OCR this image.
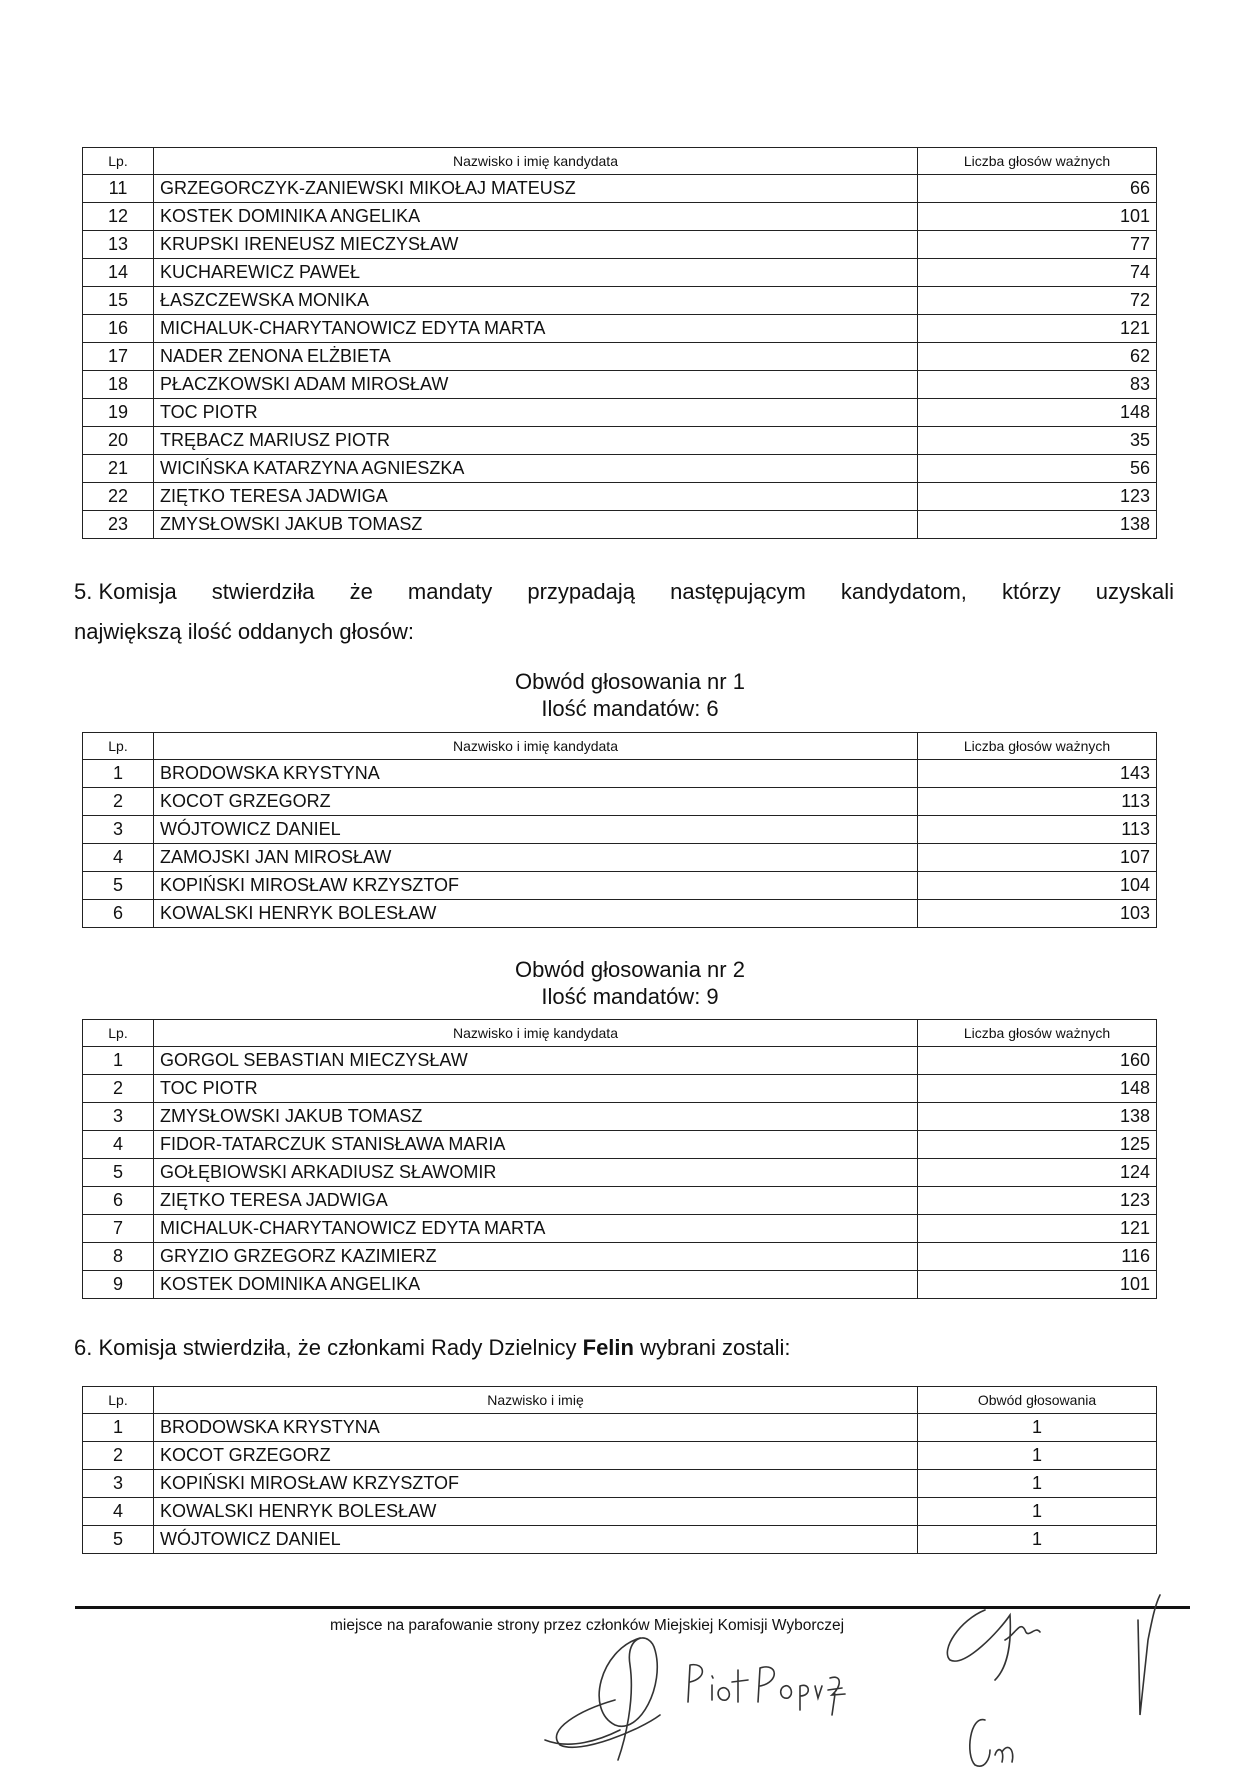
Lp.	Nazwisko i imię kandydata	Liczba głosów ważnych
11	GRZEGORCZYK-ZANIEWSKI MIKOŁAJ MATEUSZ	66
12	KOSTEK DOMINIKA ANGELIKA	101
13	KRUPSKI IRENEUSZ MIECZYSŁAW	77
14	KUCHAREWICZ PAWEŁ	74
15	ŁASZCZEWSKA MONIKA	72
16	MICHALUK-CHARYTANOWICZ EDYTA MARTA	121
17	NADER ZENONA ELŻBIETA	62
18	PŁACZKOWSKI ADAM MIROSŁAW	83
19	TOC PIOTR	148
20	TRĘBACZ MARIUSZ PIOTR	35
21	WICIŃSKA KATARZYNA AGNIESZKA	56
22	ZIĘTKO TERESA JADWIGA	123
23	ZMYSŁOWSKI JAKUB TOMASZ	138
5. Komisja stwierdziła że mandaty przypadają następującym kandydatom, którzy uzyskali
największą ilość oddanych głosów:
Obwód głosowania nr 1
Ilość mandatów: 6
Lp.	Nazwisko i imię kandydata	Liczba głosów ważnych
1	BRODOWSKA KRYSTYNA	143
2	KOCOT GRZEGORZ	113
3	WÓJTOWICZ DANIEL	113
4	ZAMOJSKI JAN MIROSŁAW	107
5	KOPIŃSKI MIROSŁAW KRZYSZTOF	104
6	KOWALSKI HENRYK BOLESŁAW	103
Obwód głosowania nr 2
Ilość mandatów: 9
Lp.	Nazwisko i imię kandydata	Liczba głosów ważnych
1	GORGOL SEBASTIAN MIECZYSŁAW	160
2	TOC PIOTR	148
3	ZMYSŁOWSKI JAKUB TOMASZ	138
4	FIDOR-TATARCZUK STANISŁAWA MARIA	125
5	GOŁĘBIOWSKI ARKADIUSZ SŁAWOMIR	124
6	ZIĘTKO TERESA JADWIGA	123
7	MICHALUK-CHARYTANOWICZ EDYTA MARTA	121
8	GRYZIO GRZEGORZ KAZIMIERZ	116
9	KOSTEK DOMINIKA ANGELIKA	101
6. Komisja stwierdziła, że członkami Rady Dzielnicy Felin wybrani zostali:
Lp.	Nazwisko i imię	Obwód głosowania
1	BRODOWSKA KRYSTYNA	1
2	KOCOT GRZEGORZ	1
3	KOPIŃSKI MIROSŁAW KRZYSZTOF	1
4	KOWALSKI HENRYK BOLESŁAW	1
5	WÓJTOWICZ DANIEL	1
miejsce na parafowanie strony przez członków Miejskiej Komisji Wyborczej
